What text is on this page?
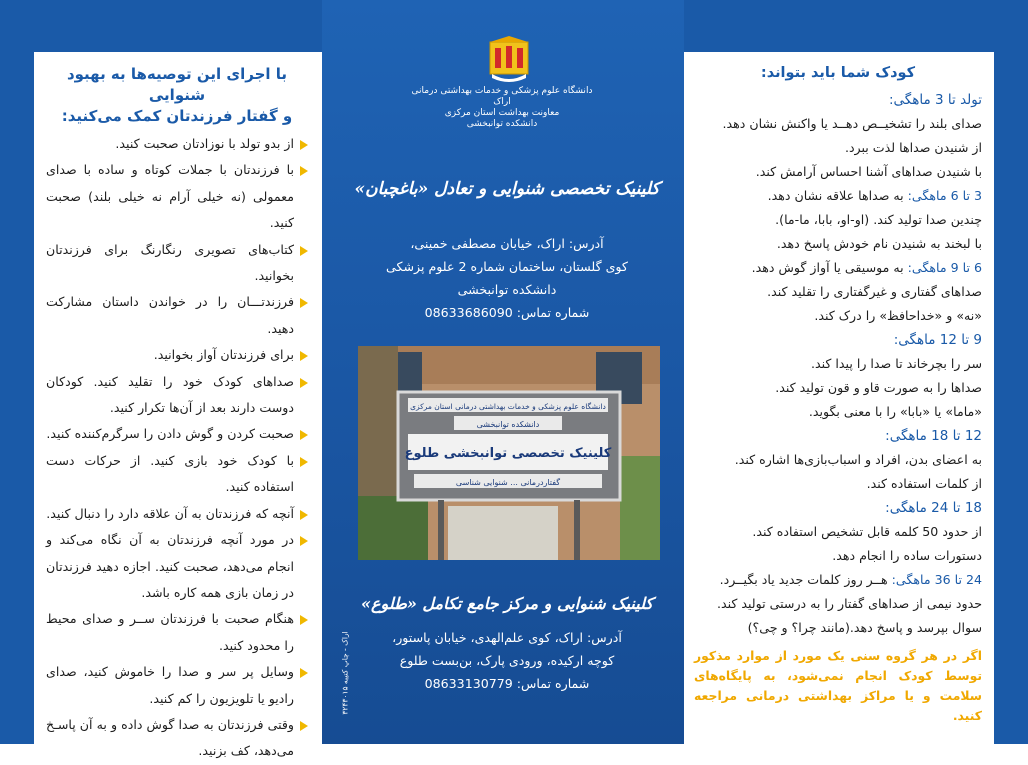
با اجرای این توصیه‌ها به بهبود شنوایی
و گفتار فرزندتان کمک می‌کنید:
از بدو تولد با نوزادتان صحبت کنید.
با فرزندتان با جملات کوتاه و ساده با صدای معمولی (نه خیلی آرام نه خیلی بلند) صحبت کنید.
کتاب‌های تصویری رنگارنگ برای فرزندتان بخوانید.
فرزندتـــان را در خواندن داستان مشارکت دهید.
برای فرزندتان آواز بخوانید.
صداهای کودک خود را تقلید کنید. کودکان دوست دارند بعد از آن‌ها تکرار کنید.
صحبت کردن و گوش دادن را سرگرم‌کننده کنید.
با کودک خود بازی کنید. از حرکات دست استفاده کنید.
آنچه که فرزندتان به آن علاقه دارد را دنبال کنید.
در مورد آنچه فرزندتان به آن نگاه می‌کند و انجام می‌دهد، صحبت کنید. اجازه دهید فرزندتان در زمان بازی همه کاره باشد.
هنگام صحبت با فرزندتان ســر و صدای محیط را محدود کنید.
وسایل پر سر و صدا را خاموش کنید، صدای رادیو یا تلویزیون را کم کنید.
وقتی فرزندتان به صدا گوش داده و به آن پاسـخ می‌دهد، کف بزنید.
دانشگاه علوم پزشکی و خدمات بهداشتی درمانی اراک
معاونت بهداشت استان مرکزی
دانشکده توانبخشی
کلینیک تخصصی شنوایی و تعادل «باغچبان»
آدرس: اراک، خیابان مصطفی خمینی،
کوی گلستان، ساختمان شماره 2 علوم پزشکی
دانشکده توانبخشی
شماره تماس: 08633686090
دانشگاه علوم پزشکی و خدمات بهداشتی درمانی استان مرکزی
دانشکده توانبخشی
کلینیک تخصصی توانبخشی طلوع
گفتاردرمانی ... شنوایی شناسی
کلینیک شنوایی و مرکز جامع تکامل «طلوع»
آدرس: اراک، کوی علم‌الهدی، خیابان پاستور،
کوچه ارکیده، ورودی پارک، بن‌بست طلوع
شماره تماس: 08633130779
اراک - چاپ کتیبه ۳۲۴۳۰۱۵
کودک شما باید بتواند:
تولد تا 3 ماهگی:
صدای بلند را تشخیــص دهــد یا واکنش نشان دهد.
از شنیدن صداها لذت ببرد.
با شنیدن صداهای آشنا احساس آرامش کند.
3 تا 6 ماهگی: به صداها علاقه نشان دهد.
چندین صدا تولید کند. (او-او، بابا، ما-ما).
با لبخند به شنیدن نام خودش پاسخ دهد.
6 تا 9 ماهگی: به موسیقی یا آواز گوش دهد.
صداهای گفتاری و غیرگفتاری را تقلید کند.
«نه» و «خداحافظ» را درک کند.
9 تا 12 ماهگی:
سر را بچرخاند تا صدا را پیدا کند.
صداها را به صورت قاو و قون تولید کند.
«ماما» یا «بابا» را با معنی بگوید.
12 تا 18 ماهگی:
به اعضای بدن، افراد و اسباب‌بازی‌ها اشاره کند.
از کلمات استفاده کند.
18 تا 24 ماهگی:
از حدود 50 کلمه قابل تشخیص استفاده کند.
دستورات ساده را انجام دهد.
24 تا 36 ماهگی: هــر روز کلمات جدید یاد بگیــرد.
حدود نیمی از صداهای گفتار را به درستی تولید کند.
سوال بپرسد و پاسخ دهد.(مانند چرا؟ و چی؟)
اگر در هر گروه سنی یک مورد از موارد مذکور توسط کودک انجام نمی‌شود، به پایگاه‌های سلامت و یا مراکز بهداشتی درمانی مراجعه کنید.
